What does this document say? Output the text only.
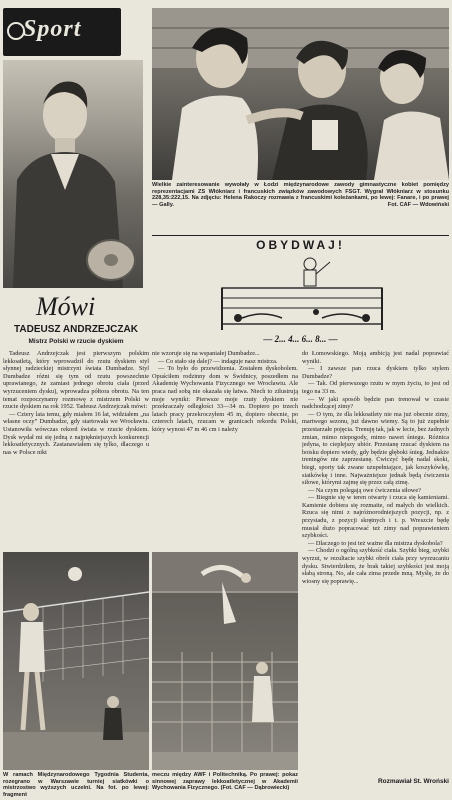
Sport
Wielkie zainteresowanie wywołały w Łodzi międzynarodowe zawody gimnastyczne kobiet pomiędzy reprezentacjami ZS Włókniarz i francuskich związków zawodowych FSGT. Wygrał Włókniarz w stosunku 228,35:222,15. Na zdjęciu: Helena Rakoczy rozmawia z francuskimi koleżankami, po lewej: Fanare, i po prawej — Gally.	Fot. CAF — Wdowiński
OBYDWAJ!
— 2... 4... 6... 8... —
Mówi
TADEUSZ ANDRZEJCZAK
Mistrz Polski w rzucie dyskiem

Tadeusz Andrzejczak jest pierwszym polskim lekkoatletą, który wprowadził do rzutu dyskiem styl słynnej radzieckiej mistrzyni świata Dumbadze. Styl Dumbadze różni się tym od rzutu powszechnie uprawianego, że zamiast jednego obrotu ciała (przed wyrzuceniem dysku), wprowadza półtora obrotu. Na ten temat rozpoczynamy rozmowę z mistrzem Polski w rzucie dyskiem na rok 1952. Tadeusz Andrzejczak mówi:

— Cztery lata temu, gdy miałem 16 lat, widziałem „na własne oczy” Dumbadze, gdy startowała we Wrocławiu. Ustanowiła wówczas rekord świata w rzucie dyskiem. Dysk wydał mi się jedną z najpiękniejszych konkurencji lekkoatletycznych. Zastanawiałem się tylko, dlaczego u nas w Polsce nikt

nie wzoruje się na wspaniałej Dumbadze...

— Co stało się dalej? — indaguje nasz mistrza.

— To było do przewidzenia. Zostałem dyskobolem. Opuściłem rodzinny dom w Świdnicy, poszedłem na Akademię Wychowania Fizycznego we Wrocławiu. Ale praca nad sobą nie okazała się łatwa. Niech to zilustrują moje wyniki: Pierwsze moje rzuty dyskiem nie przekraczały odległości 33—34 m. Dopiero po trzech latach pracy przekroczyłem 45 m, dopiero obecnie, po czterech latach, rzucam w granicach rekordu Polski, który wynosi 47 m 46 cm i należy

do Łomowskiego. Moją ambicją jest nadal poprawiać wyniki.

— I zawsze pan rzuca dyskiem tylko stylem Dumbadze?

— Tak. Od pierwszego rzutu w mym życiu, to jest od tego na 33 m.

— W jaki sposób będzie pan trenował w czasie nadchodzącej zimy?

— O tym, że dla lekkoatlety nie ma już obecnie zimy, martwego sezonu, już dawno wiemy. Są to już zupełnie przestarzałe pojęcia. Trenuję tak, jak w lecie, bez żadnych zmian, mimo niepogody, mimo nawet śniegu. Różnica jedyna, to cieplejszy ubiór. Przestanę rzucać dyskiem na boisku dopiero wtedy, gdy będzie głęboki śnieg. Jednakże treningów nie zaprzestanę. Ćwiczyć będę nadal skoki, biegi, sporty tak zwane uzupełniające, jak koszykówkę, siatkówkę i inne. Najważniejsze jednak będą ćwiczenia siłowe, którymi zajmę się przez całą zimę.

— Na czym polegają owe ćwiczenia siłowe?

— Biegnie się w teren otwarty i rzuca się kamieniami. Kamienie dobiera się rozmaite, od małych do wielkich. Rzuca się nimi z najróżnorodniejszych pozycji, np. z przysiadu, z pozycji skrętnych i t. p. Wreszcie będę musiał dużo popracować też zimy nad poprawieniem szybkości.

— Dlaczego to jest też ważne dla mistrza dyskobola?

— Chodzi o ogólną szybkość ciała. Szybki bieg, szybki wyrzut, w rezultacie szybki obrót ciała przy wyrzucaniu dysku. Stwierdziłem, że brak takiej szybkości jest moją słabą stroną. No, ale cała zima przede mną. Myślę, że do wiosny się poprawię...

Rozmawiał St. Wroński
W ramach Międzynarodowego Tygodnia Studenta, rozegrano w Warszawie turniej siatkówki o mistrzostwo wyższych uczelni. Na fot. po lewej: fragment
meczu między AWF i Politechniką. Po prawej: pokaz sinnowej zaprawy lekkoatletycznej w Akademii Wychowania Fizycznego. (Fot. CAF — Dąbrowiecki)
